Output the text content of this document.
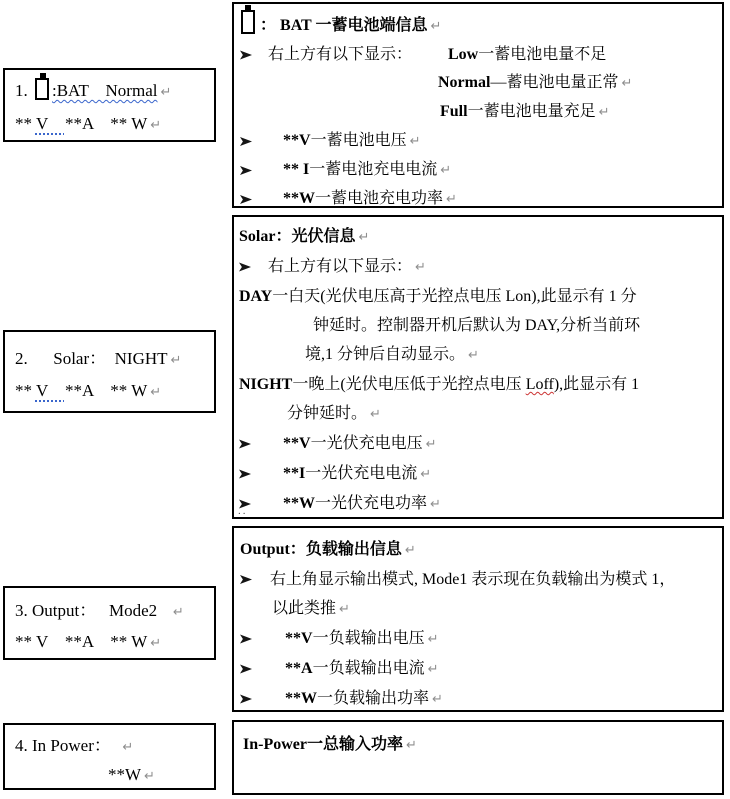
1. :BAT    Normal ↵
** V    **A    ** W ↵
2.      Solar：  NIGHT ↵
** V    **A    ** W ↵
3. Output：   Mode2   ↵
** V    **A    ** W ↵
4. In Power：  ↵
**W ↵
： BAT 一蓄电池端信息 ↵
右上方有以下显示： Low一蓄电池电量不足
Normal—蓄电池电量正常 ↵
Full一蓄电池电量充足 ↵
**V一蓄电池电压 ↵
** I一蓄电池充电电流 ↵
**W一蓄电池充电功率 ↵
Solar：光伏信息 ↵
右上方有以下显示： ↵
DAY一白天(光伏电压高于光控点电压 Lon),此显示有 1 分
钟延时。控制器开机后默认为 DAY,分析当前环
境,1 分钟后自动显示。 ↵
NIGHT一晚上(光伏电压低于光控点电压 Loff),此显示有 1
分钟延时。 ↵
**V一光伏充电电压 ↵
**I一光伏充电电流 ↵
**W一光伏充电功率 ↵
..
Output：负载输出信息 ↵
右上角显示输出模式, Mode1 表示现在负载输出为模式 1，
以此类推 ↵
**V一负载输出电压 ↵
**A一负载输出电流 ↵
**W一负载输出功率 ↵
In-Power一总输入功率 ↵
